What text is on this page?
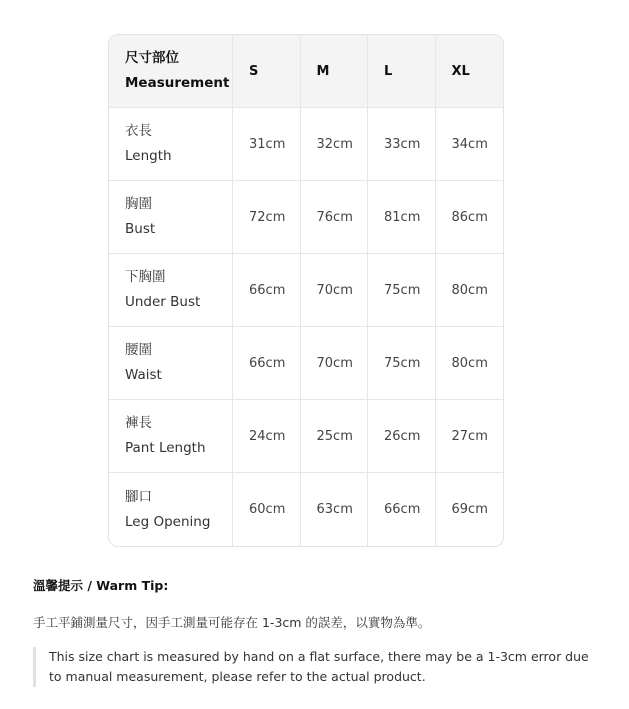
尺寸部位
Measurement	S	M	L	XL

衣長
Length	31cm	32cm	33cm	34cm

胸圍
Bust	72cm	76cm	81cm	86cm

下胸圍
Under Bust	66cm	70cm	75cm	80cm

腰圍
Waist	66cm	70cm	75cm	80cm

褲長
Pant Length	24cm	25cm	26cm	27cm

腳口
Leg Opening	60cm	63cm	66cm	69cm

溫馨提示 / Warm Tip:

手工平鋪測量尺寸，因手工測量可能存在 1-3cm 的誤差，以實物為準。

This size chart is measured by hand on a flat surface, there may be a 1-3cm error due to manual measurement, please refer to the actual product.
